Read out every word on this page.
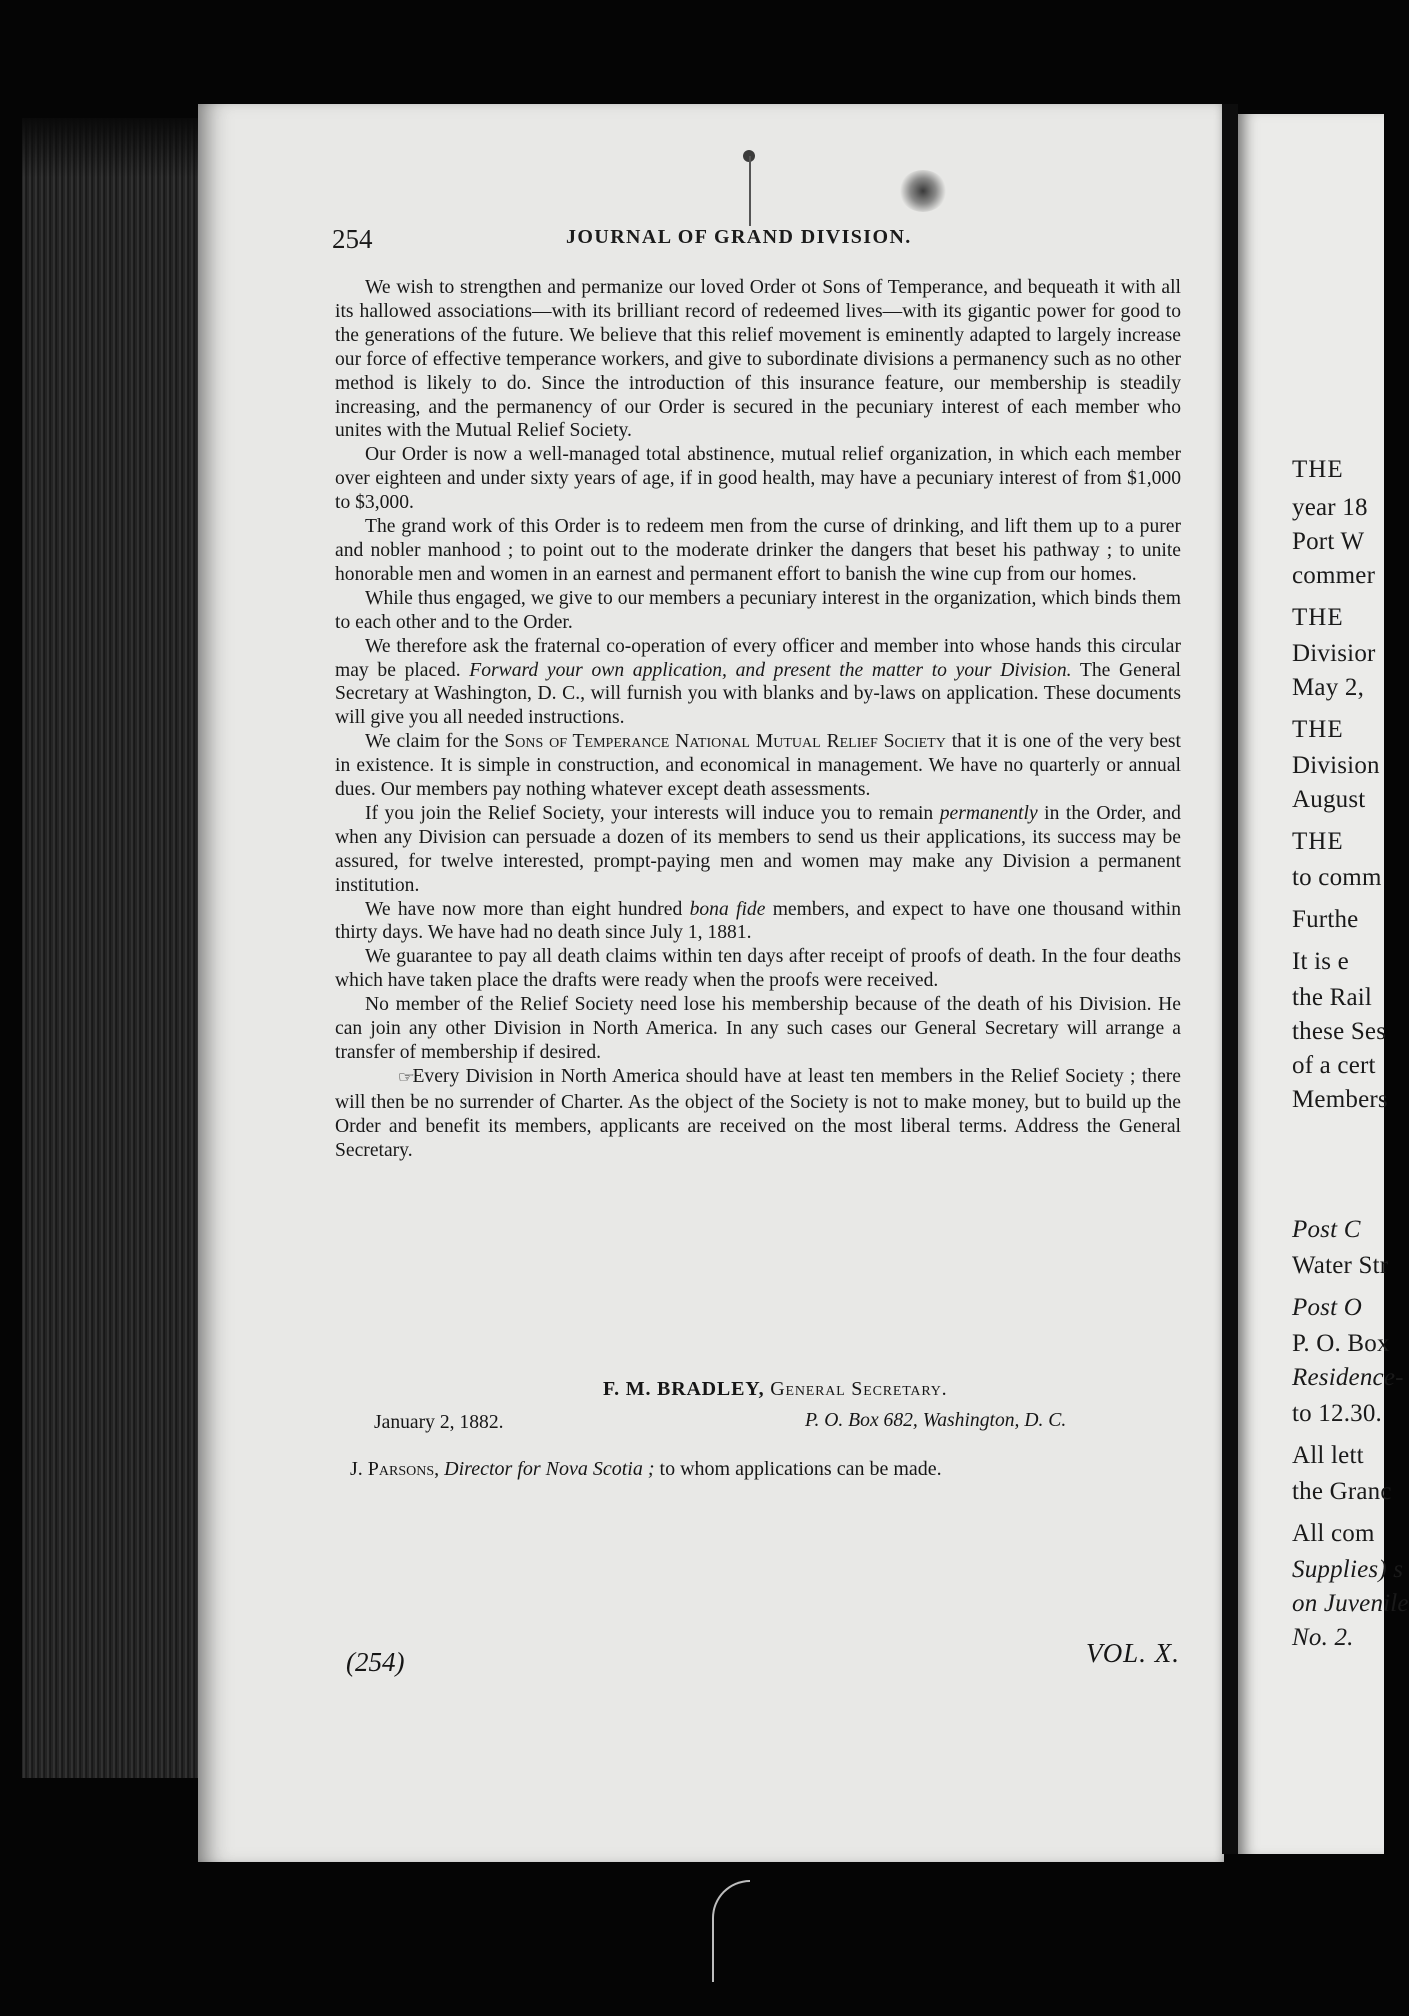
254	JOURNAL OF GRAND DIVISION.

We wish to strengthen and permanize our loved Order ot Sons of Temperance, and bequeath it with all its hallowed associations—with its brilliant record of redeemed lives—with its gigantic power for good to the generations of the future. We believe that this relief movement is eminently adapted to largely increase our force of effective temperance workers, and give to subordinate divisions a permanency such as no other method is likely to do. Since the introduction of this insurance feature, our membership is steadily increasing, and the permanency of our Order is secured in the pecuniary interest of each member who unites with the Mutual Relief Society.

Our Order is now a well-managed total abstinence, mutual relief organization, in which each member over eighteen and under sixty years of age, if in good health, may have a pecuniary interest of from $1,000 to $3,000.

The grand work of this Order is to redeem men from the curse of drinking, and lift them up to a purer and nobler manhood ; to point out to the moderate drinker the dangers that beset his pathway ; to unite honorable men and women in an earnest and permanent effort to banish the wine cup from our homes.

While thus engaged, we give to our members a pecuniary interest in the organization, which binds them to each other and to the Order.

We therefore ask the fraternal co-operation of every officer and member into whose hands this circular may be placed. Forward your own application, and present the matter to your Division. The General Secretary at Washington, D. C., will furnish you with blanks and by-laws on application. These documents will give you all needed instructions.

We claim for the Sons of Temperance National Mutual Relief Society that it is one of the very best in existence. It is simple in construction, and economical in management. We have no quarterly or annual dues. Our members pay nothing whatever except death assessments.

If you join the Relief Society, your interests will induce you to remain permanently in the Order, and when any Division can persuade a dozen of its members to send us their applications, its success may be assured, for twelve interested, prompt-paying men and women may make any Division a permanent institution.

We have now more than eight hundred bona fide members, and expect to have one thousand within thirty days. We have had no death since July 1, 1881.

We guarantee to pay all death claims within ten days after receipt of proofs of death. In the four deaths which have taken place the drafts were ready when the proofs were received.

No member of the Relief Society need lose his membership because of the death of his Division. He can join any other Division in North America. In any such cases our General Secretary will arrange a transfer of membership if desired.

☞Every Division in North America should have at least ten members in the Relief Society ; there will then be no surrender of Charter. As the object of the Society is not to make money, but to build up the Order and benefit its members, applicants are received on the most liberal terms. Address the General Secretary.

F. M. BRADLEY, General Secretary.
January 2, 1882.	P. O. Box 682, Washington, D. C.
J. Parsons, Director for Nova Scotia ; to whom applications can be made.
(254)	VOL. X.
THE
year 18
Port W
commer
THE
Divisior
May 2,
THE
Division
August
THE
to comm
Furthe
It is e
the Rail
these Ses
of a cert
Members
Post C
Water Str
Post O
P. O. Box
Residence-
to 12.30.
All lett
the Granc
All com
Supplies) s
on Juvenile
No. 2.
